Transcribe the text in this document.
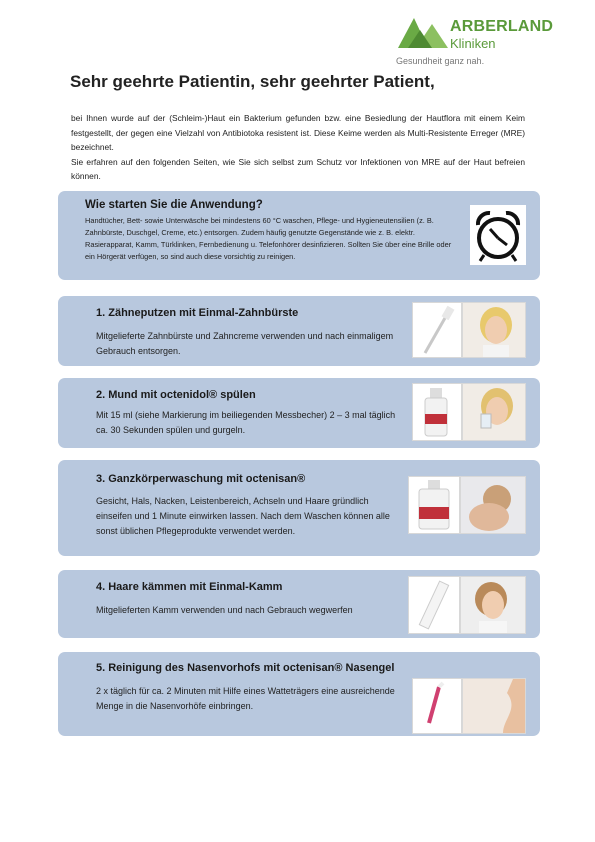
ARBERLAND
Kliniken
Gesundheit ganz nah.
Sehr geehrte Patientin, sehr geehrter Patient,

bei Ihnen wurde auf der (Schleim-)Haut ein Bakterium gefunden bzw. eine Besiedlung der Hautflora mit einem Keim festgestellt, der gegen eine Vielzahl von Antibiotoka resistent ist. Diese Keime werden als Multi-Resistente Erreger (MRE) bezeichnet.

Sie erfahren auf den folgenden Seiten, wie Sie sich selbst zum Schutz vor Infektionen von MRE auf der Haut befreien können.

Wie starten Sie die Anwendung?
Handtücher, Bett- sowie Unterwäsche bei mindestens 60 °C waschen, Pflege- und Hygieneutensilien (z. B. Zahnbürste, Duschgel, Creme, etc.) entsorgen. Zudem häufig genutzte Gegenstände wie z. B. elektr. Rasierapparat, Kamm, Türklinken, Fernbedienung u. Telefonhörer desinfizieren. Sollten Sie über eine Brille oder ein Hörgerät verfügen, so sind auch diese vorsichtig zu reinigen.
1. Zähneputzen mit Einmal-Zahnbürste
Mitgelieferte Zahnbürste und Zahncreme verwenden und nach einmaligem Gebrauch entsorgen.
2. Mund mit octenidol® spülen
Mit 15 ml (siehe Markierung im beiliegenden Messbecher) 2 – 3 mal täglich ca. 30 Sekunden spülen und gurgeln.
3. Ganzkörperwaschung mit octenisan®
Gesicht, Hals, Nacken, Leistenbereich, Achseln und Haare gründlich einseifen und 1 Minute einwirken lassen. Nach dem Waschen können alle sonst üblichen Pflegeprodukte verwendet werden.
4. Haare kämmen mit Einmal-Kamm
Mitgelieferten Kamm verwenden und nach Gebrauch wegwerfen
5. Reinigung des Nasenvorhofs mit octenisan® Nasengel
2 x täglich für ca. 2 Minuten mit Hilfe eines Watteträgers eine ausreichende Menge in die Nasenvorhöfe einbringen.
